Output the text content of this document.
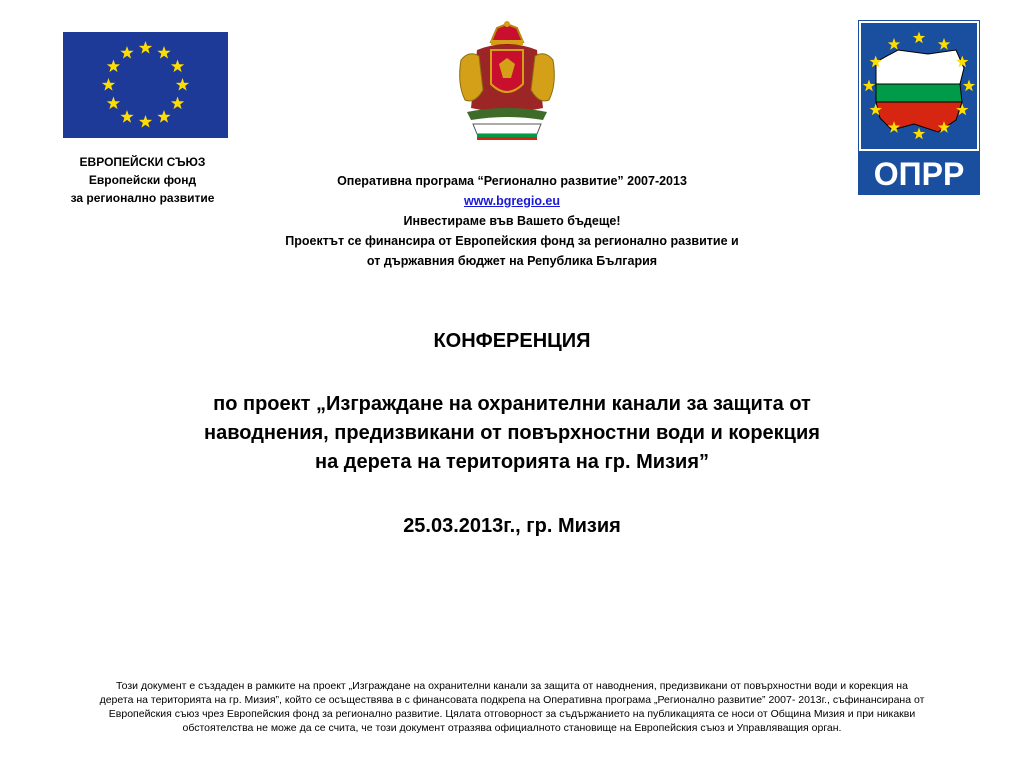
ОПРР
ЕВРОПЕЙСКИ СЪЮЗ
Европейски фонд
за регионално развитие
Оперативна програма “Регионално развитие” 2007-2013
www.bgregio.eu
Инвестираме във Вашето бъдеще!
Проектът се финансира от Европейския фонд за регионално развитие и
от държавния бюджет на Република България
КОНФЕРЕНЦИЯ
по проект „Изграждане на охранителни канали за защита от
наводнения, предизвикани от повърхностни води и корекция
на дерета на територията на гр. Мизия”
25.03.2013г., гр. Мизия
Този документ е създаден в рамките на проект „Изграждане на охранителни канали за защита от наводнения, предизвикани от повърхностни води и корекция на
дерета на територията на гр. Мизия”, който се осъществява в с финансовата подкрепа на Оперативна програма „Регионално развитие” 2007- 2013г., съфинансирана от
Европейския съюз чрез Европейския фонд за регионално развитие. Цялата отговорност за съдържанието на публикацията се носи от Община Мизия и при никакви
обстоятелства не може да се счита, че този документ отразява официалното становище на Европейския съюз и Управляващия орган.
